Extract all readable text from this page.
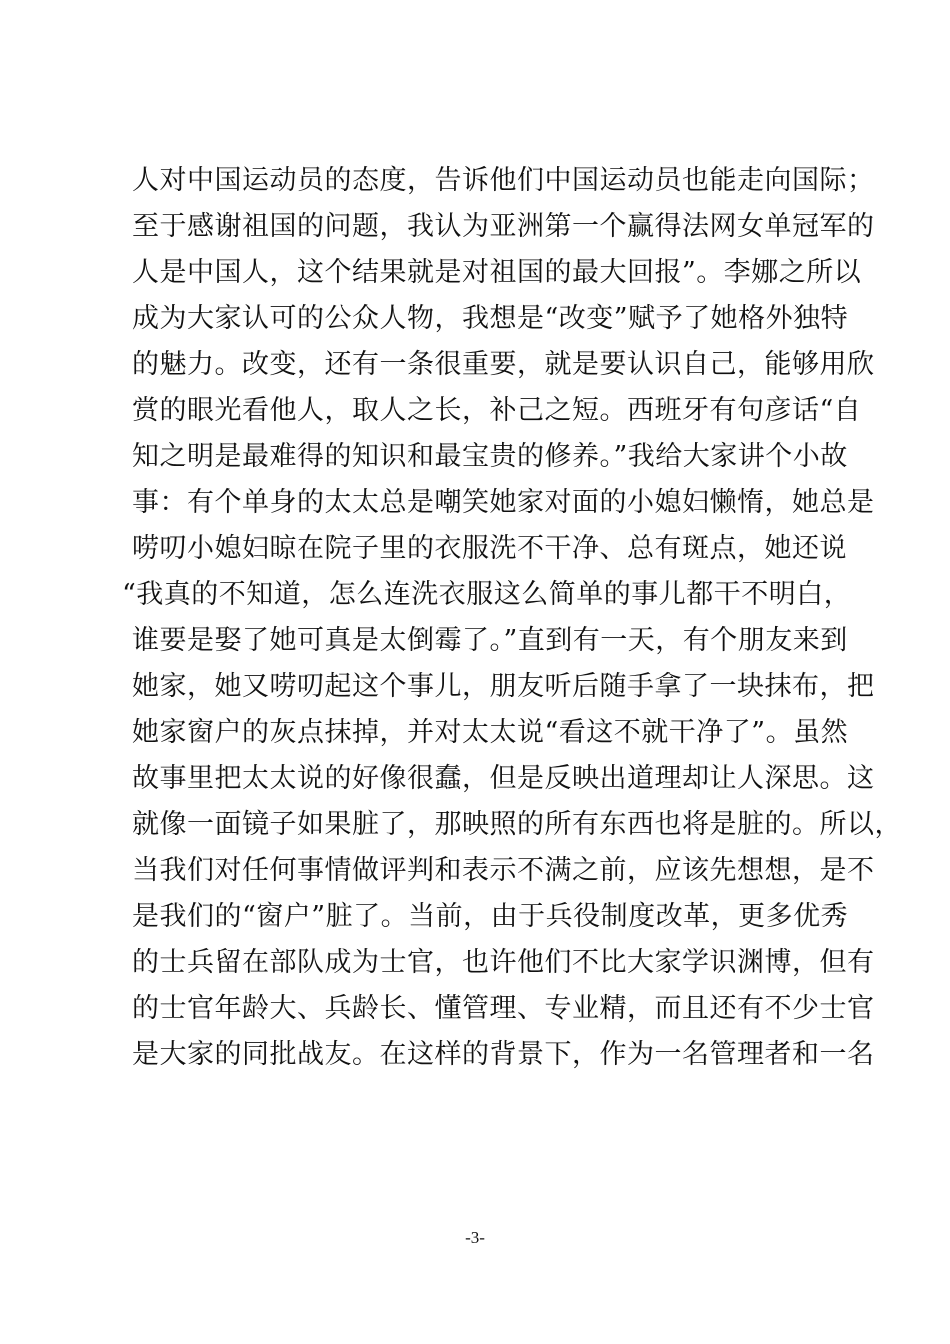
人对中国运动员的态度，告诉他们中国运动员也能走向国际；
至于感谢祖国的问题，我认为亚洲第一个赢得法网女单冠军的
人是中国人，这个结果就是对祖国的最大回报”。李娜之所以
成为大家认可的公众人物，我想是“改变”赋予了她格外独特
的魅力。改变，还有一条很重要，就是要认识自己，能够用欣
赏的眼光看他人，取人之长，补己之短。西班牙有句彦话“自
知之明是最难得的知识和最宝贵的修养。”我给大家讲个小故
事：有个单身的太太总是嘲笑她家对面的小媳妇懒惰，她总是
唠叨小媳妇晾在院子里的衣服洗不干净、总有斑点，她还说
“我真的不知道，怎么连洗衣服这么简单的事儿都干不明白，
谁要是娶了她可真是太倒霉了。”直到有一天，有个朋友来到
她家，她又唠叨起这个事儿，朋友听后随手拿了一块抹布，把
她家窗户的灰点抹掉，并对太太说“看这不就干净了”。虽然
故事里把太太说的好像很蠢，但是反映出道理却让人深思。这
就像一面镜子如果脏了，那映照的所有东西也将是脏的。所以，
当我们对任何事情做评判和表示不满之前，应该先想想，是不
是我们的“窗户”脏了。当前，由于兵役制度改革，更多优秀
的士兵留在部队成为士官，也许他们不比大家学识渊博，但有
的士官年龄大、兵龄长、懂管理、专业精，而且还有不少士官
是大家的同批战友。在这样的背景下，作为一名管理者和一名
-3-
